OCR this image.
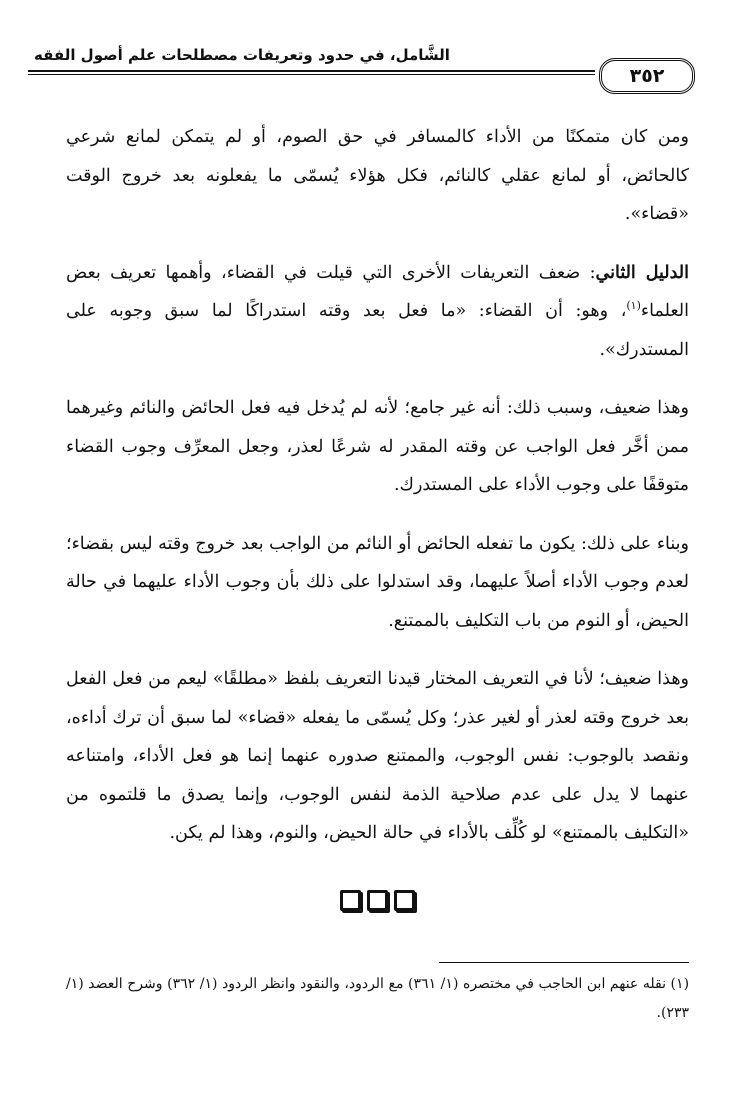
٣٥٢
الشَّامل، في حدود وتعريفات مصطلحات علم أصول الفقه

ومن كان متمكنًا من الأداء كالمسافر في حق الصوم، أو لم يتمكن لمانع شرعي كالحائض، أو لمانع عقلي كالنائم، فكل هؤلاء يُسمّى ما يفعلونه بعد خروج الوقت «قضاء».

الدليل الثاني: ضعف التعريفات الأخرى التي قيلت في القضاء، وأهمها تعريف بعض العلماء$^{(١)}$، وهو: أن القضاء: «ما فعل بعد وقته استدراكًا لما سبق وجوبه على المستدرك».

وهذا ضعيف، وسبب ذلك: أنه غير جامع؛ لأنه لم يُدخل فيه فعل الحائض والنائم وغيرهما ممن أخَّر فعل الواجب عن وقته المقدر له شرعًا لعذر، وجعل المعرِّف وجوب القضاء متوقفًا على وجوب الأداء على المستدرك.

وبناء على ذلك: يكون ما تفعله الحائض أو النائم من الواجب بعد خروج وقته ليس بقضاء؛ لعدم وجوب الأداء أصلاً عليهما، وقد استدلوا على ذلك بأن وجوب الأداء عليهما في حالة الحيض، أو النوم من باب التكليف بالممتنع.

وهذا ضعيف؛ لأنا في التعريف المختار قيدنا التعريف بلفظ «مطلقًا» ليعم من فعل الفعل بعد خروج وقته لعذر أو لغير عذر؛ وكل يُسمّى ما يفعله «قضاء» لما سبق أن ترك أداءه، ونقصد بالوجوب: نفس الوجوب، والممتنع صدوره عنهما إنما هو فعل الأداء، وامتناعه عنهما لا يدل على عدم صلاحية الذمة لنفس الوجوب، وإنما يصدق ما قلتموه من «التكليف بالممتنع» لو كُلِّف بالأداء في حالة الحيض، والنوم، وهذا لم يكن.

(١) نقله عنهم ابن الحاجب في مختصره (١/ ٣٦١) مع الردود، والنقود وانظر الردود (١/ ٣٦٢) وشرح العضد (١/ ٢٣٣).
